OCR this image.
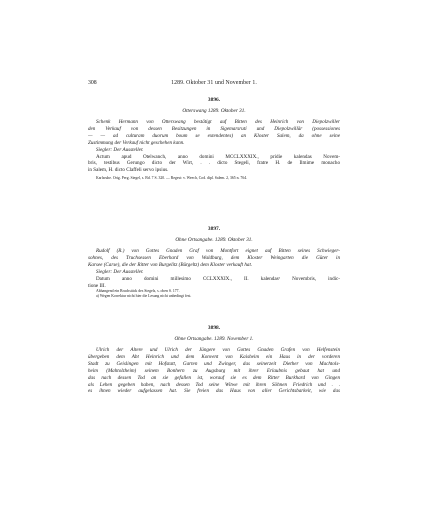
308	1289. Oktober 31 und November 1.
3896.
Otterswang 1289. Oktober 31.
Schenk Hermann von Otterswang bestätigt auf Bitten des Heinrich von Diepolzwiller
den Verkauf von dessen Besitzungen in Sigemarsruti und Diepolzwillär (possessiones
— — ad culturam duorum boum se extendentes) an Kloster Salem, da ohne seine
Zustimmung der Verkauf nicht geschehen kann.
Siegler: Der Aussteller.
Actum apud Otelwanch, anno domini MCCLXXXIX., pridie kalendas Novem-
bris, testibus Gerungo dicto der Wirt, . . dicto Stegeli, fratre H. de Ilmime monacho
in Salem, H. dicto Claffeli servo ipsius.
Karlsruhe. Orig. Perg. Siegel, s. Bd. 7 S. 320. — Regest: v. Weech, Cod. dipl. Salem. 2, 365 n. 764.
3897.
Ohne Ortsangabe. 1289. Oktober 31.
Rudolf (R.) von Gottes Gnaden Graf von Montfort eignet auf Bitten seines Schwieger-
sohnes, des Truchsessen Eberhard von Waldburg, dem Kloster Weingarten die Güter in
Karsee (Carse), die der Ritter von Burgelitz (Bürgeltz) dem Kloster verkauft hat.
Siegler: Der Aussteller.
Datum anno domini millesimo CCLXXXIX., II. kalendasᵃ Novembris, indic-
tione III.
Abhangend ein Bruchstück des Siegels, s. oben S. 177.
a) Wegen Korrektur nicht hier die Lesung nicht unbedingt fest.
3898.
Ohne Ortsangabe. 1289. November 1.
Ulrich der Ältere und Ulrich der Jüngere von Gottes Gnaden Grafen von Helfenstein
übergeben dem Abt Heinrich und dem Konvent von Kaisheim ein Haus in der vorderen
Stadt zu Geislingen mit Hofstatt, Garten und Zwinger, das seinerzeit Diether von Machtols-
heim (Mahtolzheim) seinem Bonhern zu Augsburg mit ihrer Erlaubnis gebaut hat und
das nach dessen Tod an sie gefallen ist, worauf sie es dem Ritter Burkhard von Gingen
als Lehen gegeben haben, nach dessen Tod seine Witwe mit ihren Söhnen Friedrich und . .
es ihnen wieder aufgelassen hat. Sie freien das Haus von aller Gerichtsbarkeit, wie das
